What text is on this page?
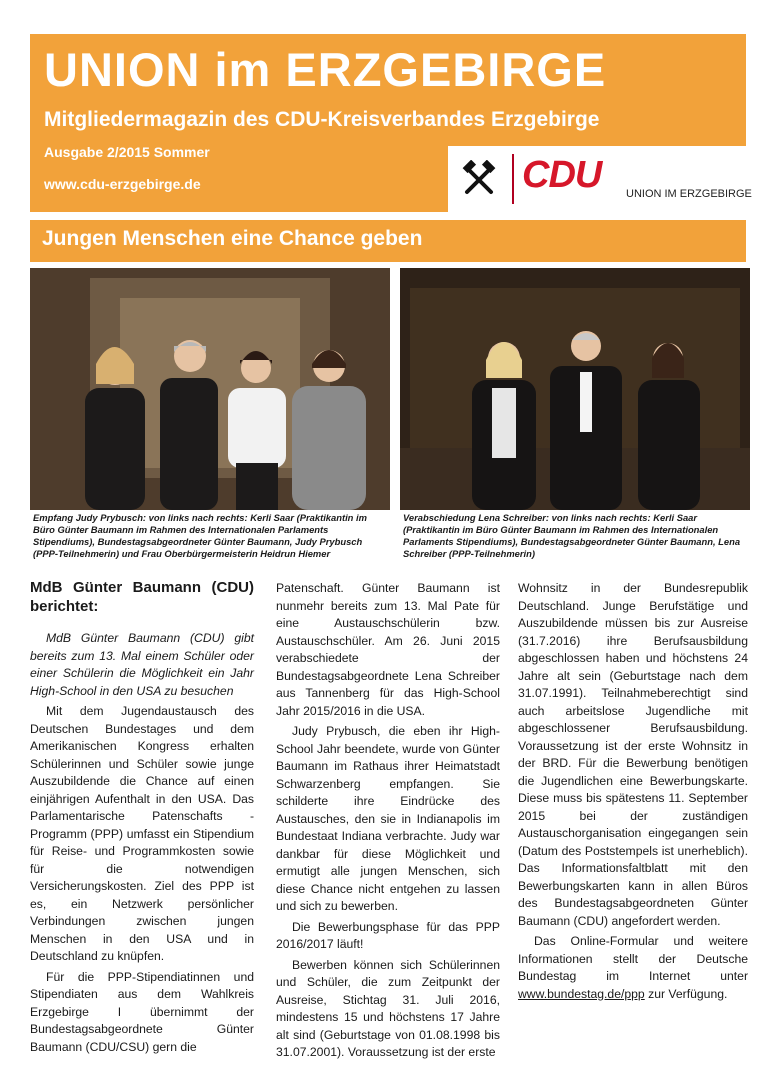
UNION im ERZGEBIRGE
Mitgliedermagazin des CDU-Kreisverbandes Erzgebirge
Ausgabe 2/2015 Sommer
www.cdu-erzgebirge.de	CDU UNION IM ERZGEBIRGE
Jungen Menschen eine Chance geben
Empfang Judy Prybusch: von links nach rechts: Kerli Saar (Praktikantin im Büro Günter Baumann im Rahmen des Internationalen Parlaments Stipendiums), Bundestagsabgeordneter Günter Baumann, Judy Prybusch (PPP-Teilnehmerin) und Frau Oberbürgermeisterin Heidrun Hiemer
Verabschiedung Lena Schreiber: von links nach rechts: Kerli Saar (Praktikantin im Büro Günter Baumann im Rahmen des Internationalen Parlaments Stipendiums), Bundestagsabgeordneter Günter Baumann, Lena Schreiber (PPP-Teilnehmerin)
MdB Günter Baumann (CDU) berichtet:

MdB Günter Baumann (CDU) gibt bereits zum 13. Mal einem Schüler oder einer Schülerin die Möglichkeit ein Jahr High-School in den USA zu besuchen

Mit dem Jugendaustausch des Deutschen Bundestages und dem Amerikanischen Kongress erhalten Schülerinnen und Schüler sowie junge Auszubildende die Chance auf einen einjährigen Aufenthalt in den USA. Das Parlamentarische Patenschafts - Programm (PPP) umfasst ein Stipendium für Reise- und Programmkosten sowie für die notwendigen Versicherungskosten. Ziel des PPP ist es, ein Netzwerk persönlicher Verbindungen zwischen jungen Menschen in den USA und in Deutschland zu knüpfen.

Für die PPP-Stipendiatinnen und Stipendiaten aus dem Wahlkreis Erzgebirge I übernimmt der Bundestagsabgeordnete Günter Baumann (CDU/CSU) gern die

Patenschaft. Günter Baumann ist nunmehr bereits zum 13. Mal Pate für eine Austauschschülerin bzw. Austauschschüler. Am 26. Juni 2015 verabschiedete der Bundestagsabgeordnete Lena Schreiber aus Tannenberg für das High-School Jahr 2015/2016 in die USA.

Judy Prybusch, die eben ihr High-School Jahr beendete, wurde von Günter Baumann im Rathaus ihrer Heimatstadt Schwarzenberg empfangen. Sie schilderte ihre Eindrücke des Austausches, den sie in Indianapolis im Bundestaat Indiana verbrachte. Judy war dankbar für diese Möglichkeit und ermutigt alle jungen Menschen, sich diese Chance nicht entgehen zu lassen und sich zu bewerben.

Die Bewerbungsphase für das PPP 2016/2017 läuft!

Bewerben können sich Schülerinnen und Schüler, die zum Zeitpunkt der Ausreise, Stichtag 31. Juli 2016, mindestens 15 und höchstens 17 Jahre alt sind (Geburtstage von 01.08.1998 bis 31.07.2001). Voraussetzung ist der erste

Wohnsitz in der Bundesrepublik Deutschland. Junge Berufstätige und Auszubildende müssen bis zur Ausreise (31.7.2016) ihre Berufsausbildung abgeschlossen haben und höchstens 24 Jahre alt sein (Geburtstage nach dem 31.07.1991). Teilnahmeberechtigt sind auch arbeitslose Jugendliche mit abgeschlossener Berufsausbildung. Voraussetzung ist der erste Wohnsitz in der BRD. Für die Bewerbung benötigen die Jugendlichen eine Bewerbungskarte. Diese muss bis spätestens 11. September 2015 bei der zuständigen Austauschorganisation eingegangen sein (Datum des Poststempels ist unerheblich). Das Informationsfaltblatt mit den Bewerbungskarten kann in allen Büros des Bundestagsabgeordneten Günter Baumann (CDU) angefordert werden.

Das Online-Formular und weitere Informationen stellt der Deutsche Bundestag im Internet unter www.bundestag.de/ppp zur Verfügung.
